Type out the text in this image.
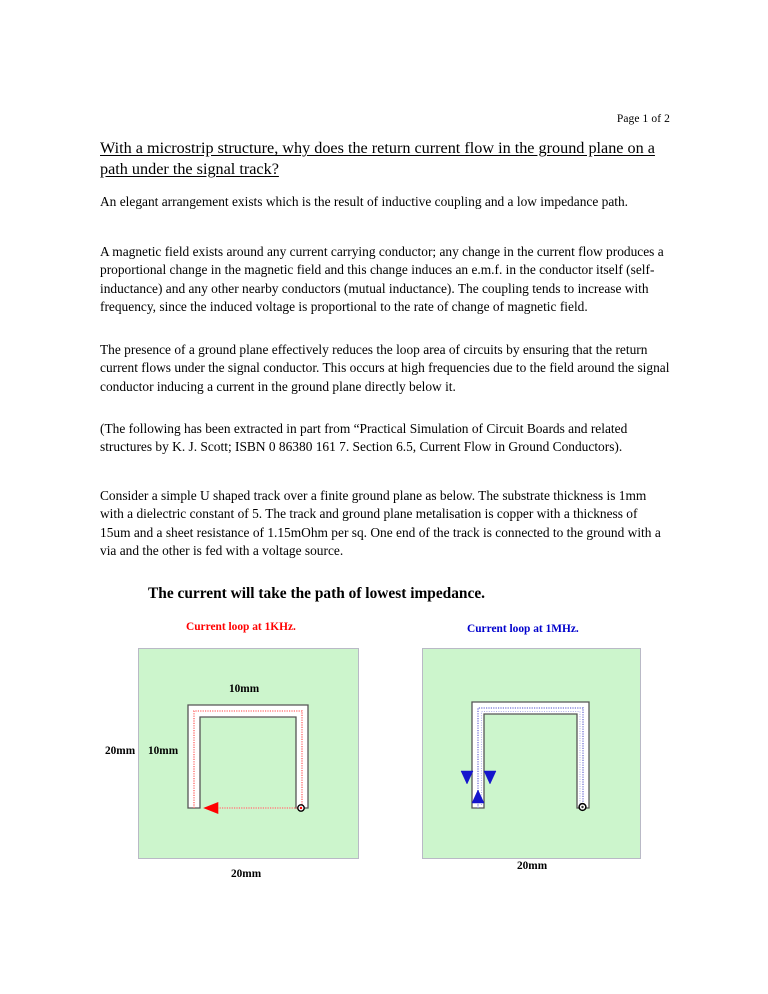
Page 1 of 2
With a microstrip structure, why does the return current flow in the ground plane on a path under the signal track?
An elegant arrangement exists which is the result of inductive coupling and a low impedance path.
A magnetic field exists around any current carrying conductor; any change in the current flow produces a proportional change in the magnetic field and this change induces an e.m.f. in the conductor itself (self-inductance) and any other nearby conductors (mutual inductance). The coupling tends to increase with frequency, since the induced voltage is proportional to the rate of change of magnetic field.
The presence of a ground plane effectively reduces the loop area of circuits by ensuring that the return current flows under the signal conductor. This occurs at high frequencies due to the field around the signal conductor inducing a current in the ground plane directly below it.
(The following has been extracted in part from “Practical Simulation of Circuit Boards and related structures by K. J. Scott; ISBN 0 86380 161 7. Section 6.5, Current Flow in Ground Conductors).
Consider a simple U shaped track over a finite ground plane as below. The substrate thickness is 1mm with a dielectric constant of 5. The track and ground plane metalisation is copper with a thickness of 15um and a sheet resistance of 1.15mOhm per sq. One end of the track is connected to the ground with a via and the other is fed with a voltage source.
The current will take the path of lowest impedance.
Current loop at 1KHz.	Current loop at 1MHz.
20mm 10mm
10mm
20mm
20mm
